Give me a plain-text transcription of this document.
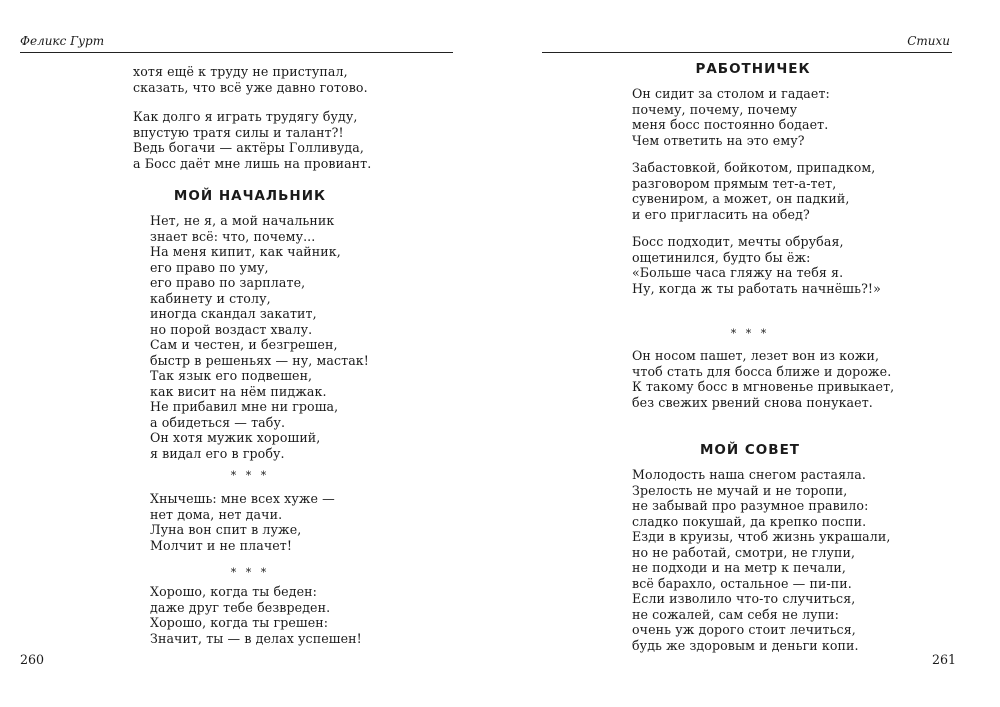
Феликс Гурт
хотя ещё к труду не приступал,
сказать, что всё уже давно готово.
Как долго я играть трудягу буду,
впустую тратя силы и талант?!
Ведь богачи — актёры Голливуда,
а Босс даёт мне лишь на провиант.
МОЙ НАЧАЛЬНИК
Нет, не я, а мой начальник
знает всё: что, почему...
На меня кипит, как чайник,
его право по уму,
его право по зарплате,
кабинету и столу,
иногда скандал закатит,
но порой воздаст хвалу.
Сам и честен, и безгрешен,
быстр в решеньях — ну, мастак!
Так язык его подвешен,
как висит на нём пиджак.
Не прибавил мне ни гроша,
а обидеться — табу.
Он хотя мужик хороший,
я видал его в гробу.
* * *
Хнычешь: мне всех хуже —
нет дома, нет дачи.
Луна вон спит в луже,
Молчит и не плачет!
* * *
Хорошо, когда ты беден:
даже друг тебе безвреден.
Хорошо, когда ты грешен:
Значит, ты — в делах успешен!
260
Стихи
РАБОТНИЧЕК
Он сидит за столом и гадает:
почему, почему, почему
меня босс постоянно бодает.
Чем ответить на это ему?
Забастовкой, бойкотом, припадком,
разговором прямым тет-а-тет,
сувениром, а может, он падкий,
и его пригласить на обед?
Босс подходит, мечты обрубая,
ощетинился, будто бы ёж:
«Больше часа гляжу на тебя я.
Ну, когда ж ты работать начнёшь?!»
* * *
Он носом пашет, лезет вон из кожи,
чтоб стать для босса ближе и дороже.
К такому босс в мгновенье привыкает,
без свежих рвений снова понукает.
МОЙ СОВЕТ
Молодость наша снегом растаяла.
Зрелость не мучай и не торопи,
не забывай про разумное правило:
сладко покушай, да крепко поспи.
Езди в круизы, чтоб жизнь украшали,
но не работай, смотри, не глупи,
не подходи и на метр к печали,
всё барахло, остальное — пи-пи.
Если изволило что-то случиться,
не сожалей, сам себя не лупи:
очень уж дорого стоит лечиться,
будь же здоровым и деньги копи.
261
